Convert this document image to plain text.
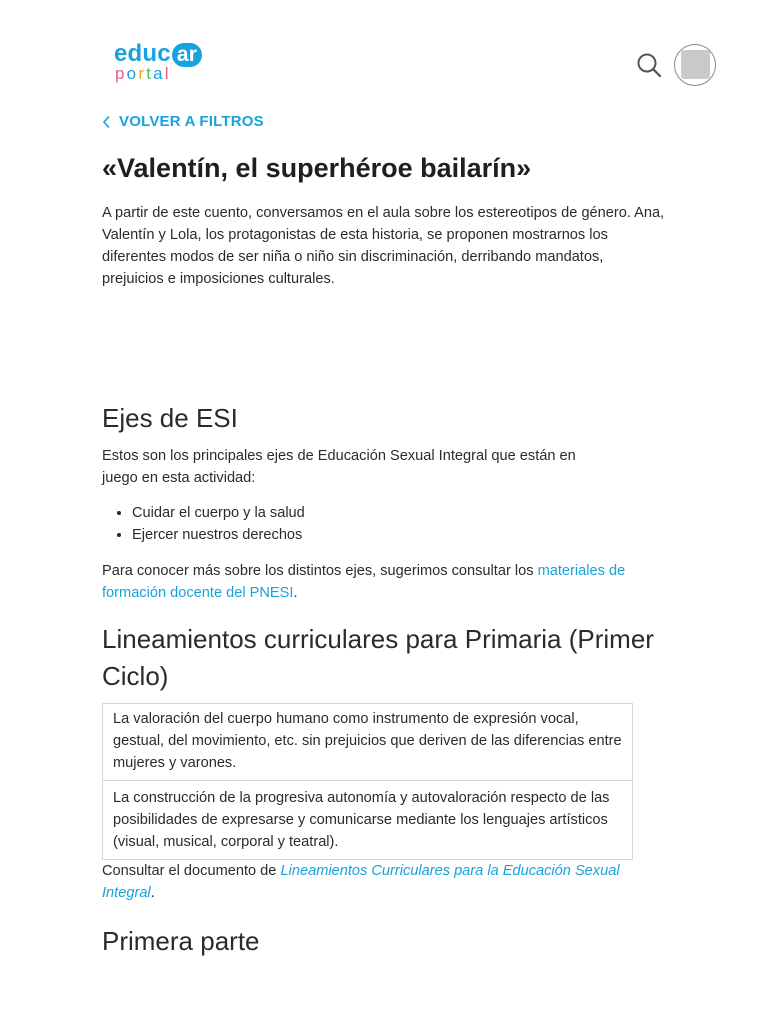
educ ar
portal
VOLVER A FILTROS
«Valentín, el superhéroe bailarín»

A partir de este cuento, conversamos en el aula sobre los estereotipos de género. Ana, Valentín y Lola, los protagonistas de esta historia, se proponen mostrarnos los diferentes modos de ser niña o niño sin discriminación, derribando mandatos, prejuicios e imposiciones culturales.

Ejes de ESI

Estos son los principales ejes de Educación Sexual Integral que están en juego en esta actividad:

• Cuidar el cuerpo y la salud
• Ejercer nuestros derechos

Para conocer más sobre los distintos ejes, sugerimos consultar los materiales de formación docente del PNESI.

Lineamientos curriculares para Primaria (Primer Ciclo)
La valoración del cuerpo humano como instrumento de expresión vocal, gestual, del movimiento, etc. sin prejuicios que deriven de las diferencias entre mujeres y varones.
La construcción de la progresiva autonomía y autovaloración respecto de las posibilidades de expresarse y comunicarse mediante los lenguajes artísticos (visual, musical, corporal y teatral).

Consultar el documento de Lineamientos Curriculares para la Educación Sexual Integral.

Primera parte
